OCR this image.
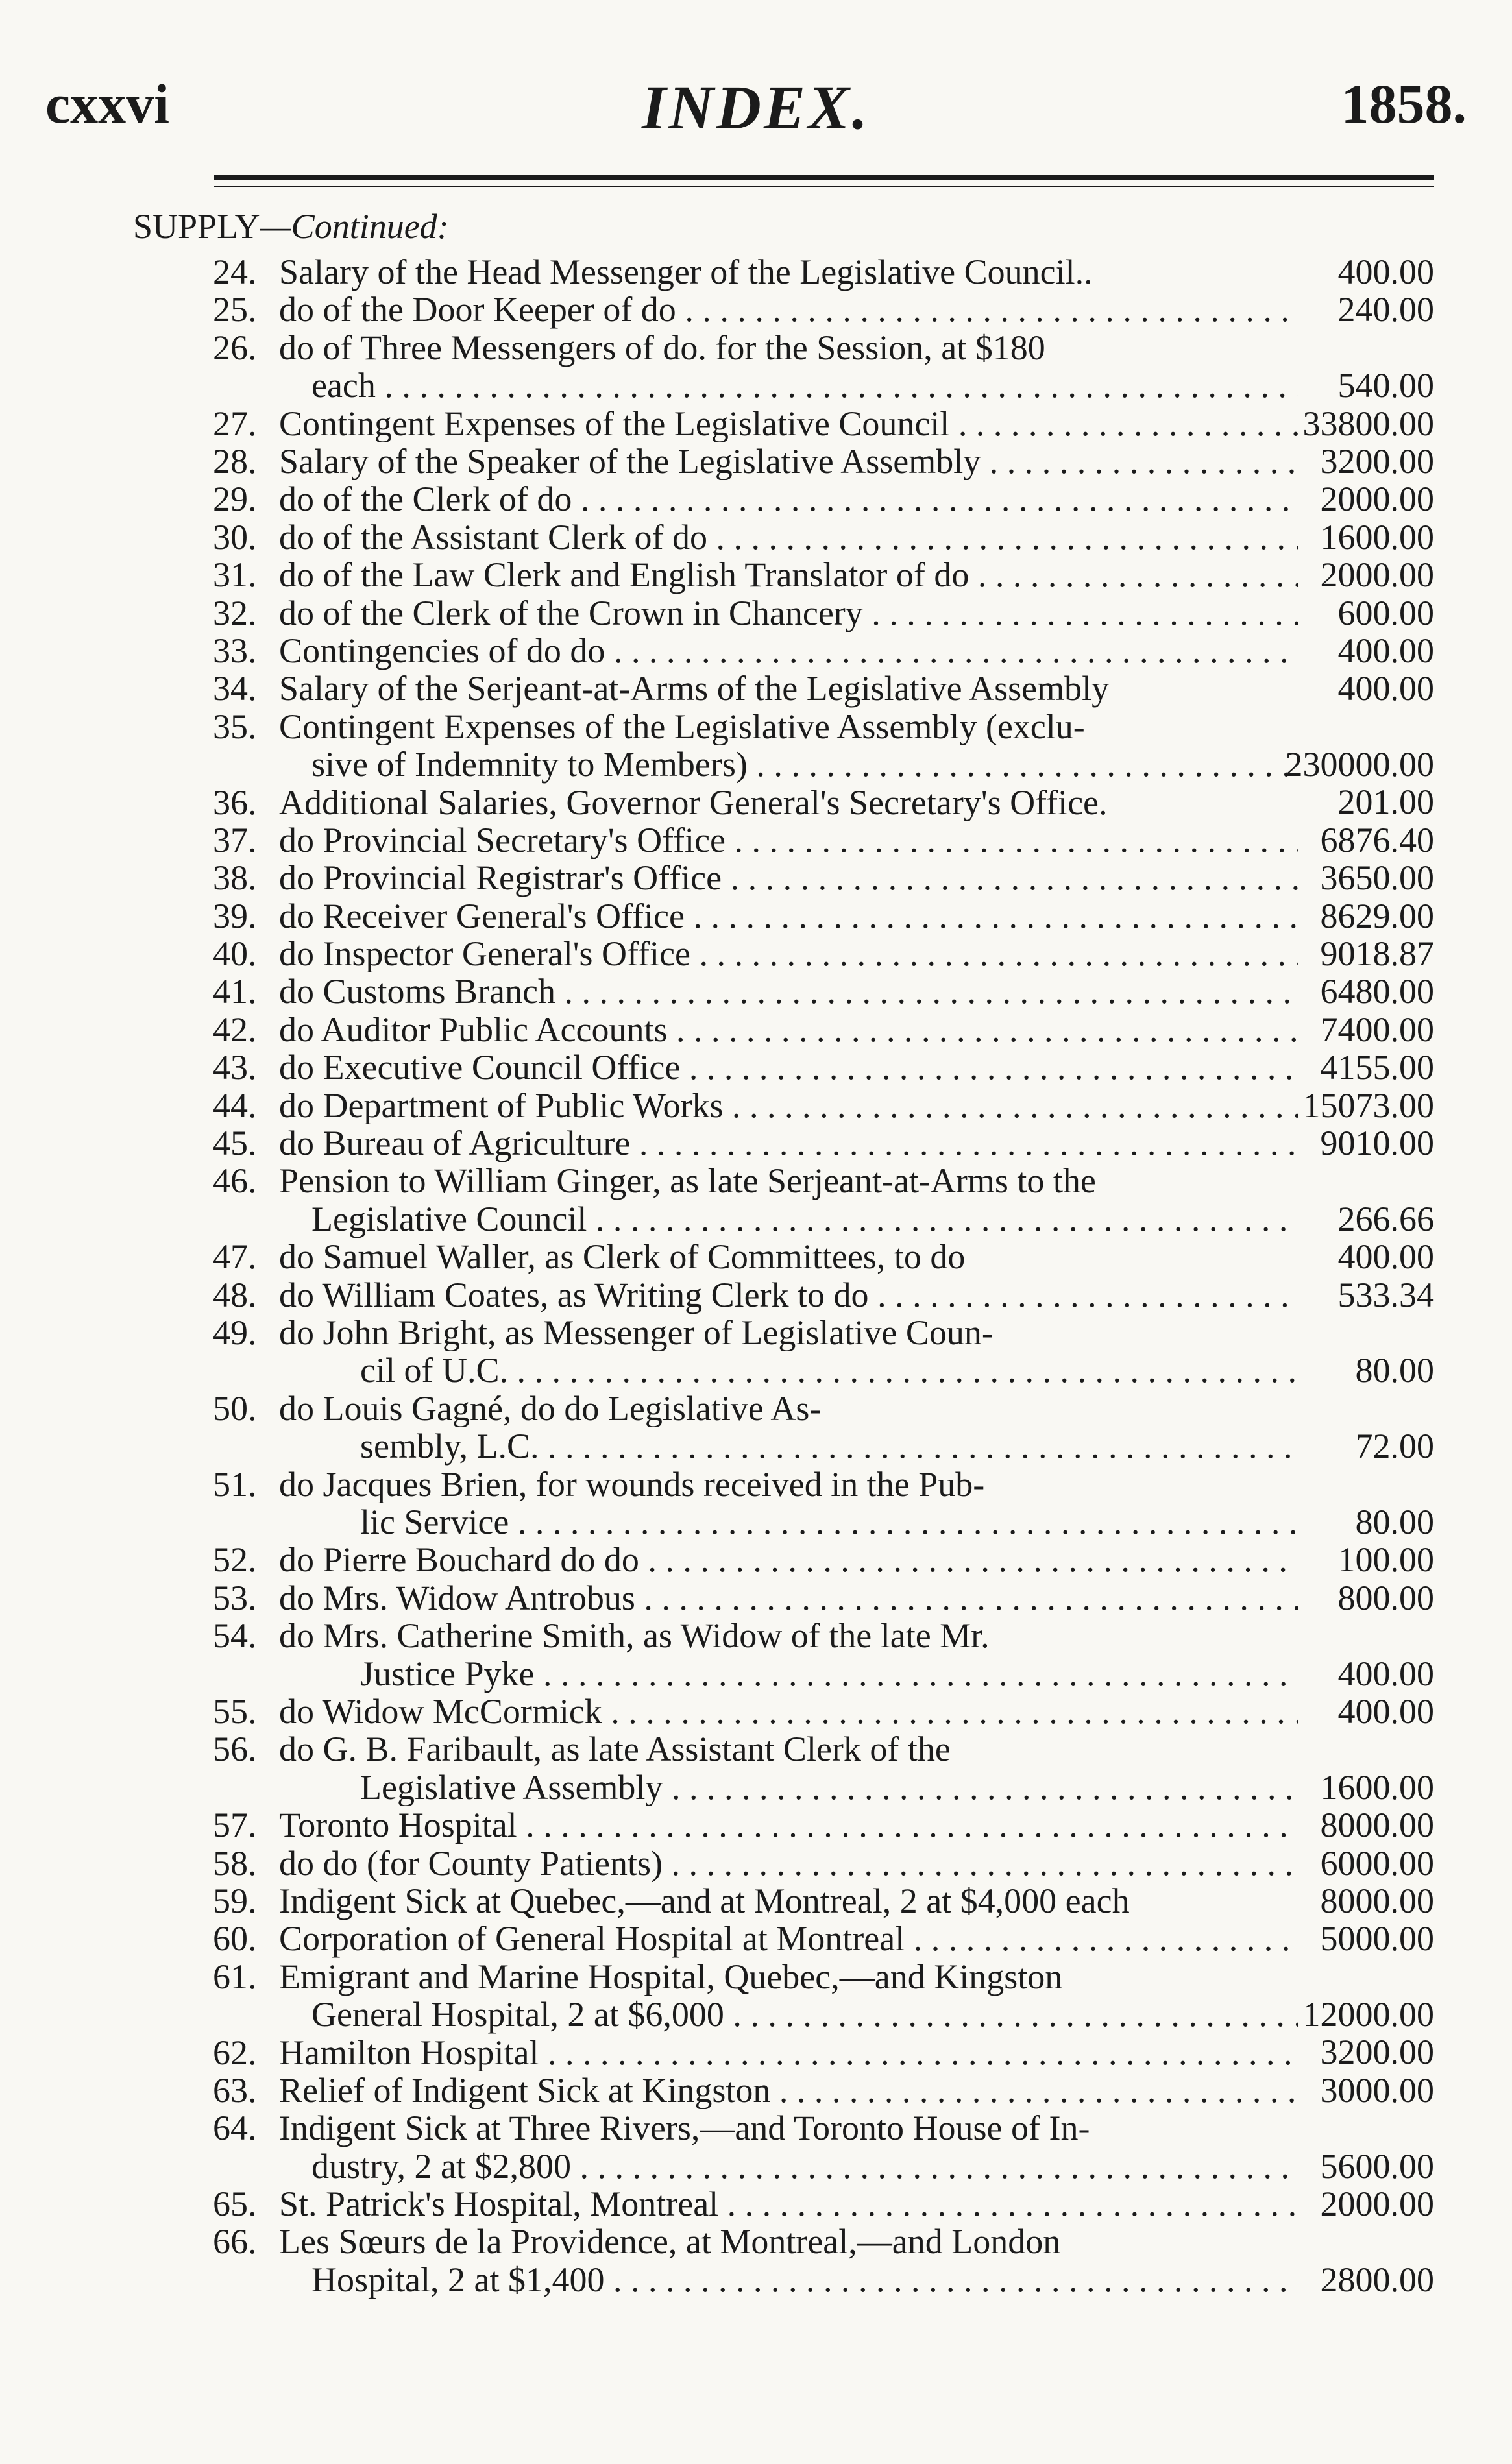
cxxvi	INDEX.	1858.
SUPPLY—Continued:
24. Salary of the Head Messenger of the Legislative Council..	400.00
25. do of the Door Keeper of do . . .	240.00
26. do of Three Messengers of do. for the Session, at $180
each . . .	540.00
27. Contingent Expenses of the Legislative Council . . .	33800.00
28. Salary of the Speaker of the Legislative Assembly . . .	3200.00
29. do of the Clerk of do . . .	2000.00
30. do of the Assistant Clerk of do . . .	1600.00
31. do of the Law Clerk and English Translator of do . . .	2000.00
32. do of the Clerk of the Crown in Chancery . . .	600.00
33. Contingencies of do do . . .	400.00
34. Salary of the Serjeant-at-Arms of the Legislative Assembly	400.00
35. Contingent Expenses of the Legislative Assembly (exclu-
sive of Indemnity to Members) . . .	230000.00
36. Additional Salaries, Governor General's Secretary's Office.	201.00
37. do Provincial Secretary's Office . . .	6876.40
38. do Provincial Registrar's Office . . .	3650.00
39. do Receiver General's Office . . .	8629.00
40. do Inspector General's Office . . .	9018.87
41. do Customs Branch . . .	6480.00
42. do Auditor Public Accounts . . .	7400.00
43. do Executive Council Office . . .	4155.00
44. do Department of Public Works . . .	15073.00
45. do Bureau of Agriculture . . .	9010.00
46. Pension to William Ginger, as late Serjeant-at-Arms to the
Legislative Council . . .	266.66
47. do Samuel Waller, as Clerk of Committees, to do	400.00
48. do William Coates, as Writing Clerk to do . . .	533.34
49. do John Bright, as Messenger of Legislative Coun-
cil of U.C. . . .	80.00
50. do Louis Gagné, do do Legislative As-
sembly, L.C. . . .	72.00
51. do Jacques Brien, for wounds received in the Pub-
lic Service . . .	80.00
52. do Pierre Bouchard do do . . .	100.00
53. do Mrs. Widow Antrobus . . .	800.00
54. do Mrs. Catherine Smith, as Widow of the late Mr.
Justice Pyke . . .	400.00
55. do Widow McCormick . . .	400.00
56. do G. B. Faribault, as late Assistant Clerk of the
Legislative Assembly . . .	1600.00
57. Toronto Hospital . . .	8000.00
58. do do (for County Patients) . . .	6000.00
59. Indigent Sick at Quebec,—and at Montreal, 2 at $4,000 each	8000.00
60. Corporation of General Hospital at Montreal . . .	5000.00
61. Emigrant and Marine Hospital, Quebec,—and Kingston
General Hospital, 2 at $6,000 . . .	12000.00
62. Hamilton Hospital . . .	3200.00
63. Relief of Indigent Sick at Kingston . . .	3000.00
64. Indigent Sick at Three Rivers,—and Toronto House of In-
dustry, 2 at $2,800 . . .	5600.00
65. St. Patrick's Hospital, Montreal . . .	2000.00
66. Les Sœurs de la Providence, at Montreal,—and London
Hospital, 2 at $1,400 . . .	2800.00
